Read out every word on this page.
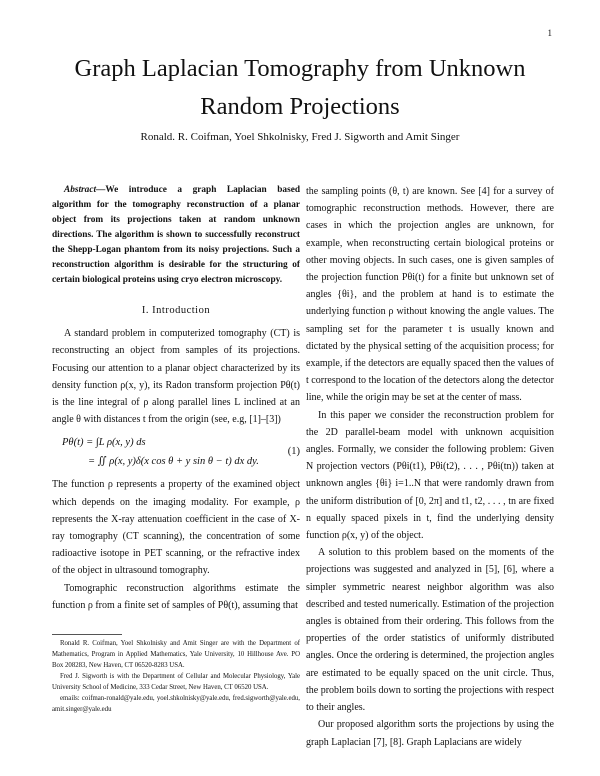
1
Graph Laplacian Tomography from Unknown
Random Projections
Ronald. R. Coifman, Yoel Shkolnisky, Fred J. Sigworth and Amit Singer

Abstract—We introduce a graph Laplacian based algorithm for the tomography reconstruction of a planar object from its projections taken at random unknown directions. The algorithm is shown to successfully reconstruct the Shepp-Logan phantom from its noisy projections. Such a reconstruction algorithm is desirable for the structuring of certain biological proteins using cryo electron microscopy.

I. Introduction

A standard problem in computerized tomography (CT) is reconstructing an object from samples of its projections. Focusing our attention to a planar object characterized by its density function ρ(x, y), its Radon transform projection Pθ(t) is the line integral of ρ along parallel lines L inclined at an angle θ with distances t from the origin (see, e.g, [1]–[3])

Pθ(t) = ∫L ρ(x, y) ds
= ∬ ρ(x, y)δ(x cos θ + y sin θ − t) dx dy.
(1)

The function ρ represents a property of the examined object which depends on the imaging modality. For example, ρ represents the X-ray attenuation coefficient in the case of X-ray tomography (CT scanning), the concentration of some radioactive isotope in PET scanning, or the refractive index of the object in ultrasound tomography.

Tomographic reconstruction algorithms estimate the function ρ from a finite set of samples of Pθ(t), assuming that

Ronald R. Coifman, Yoel Shkolnisky and Amit Singer are with the Department of Mathematics, Program in Applied Mathematics, Yale University, 10 Hillhouse Ave. PO Box 208283, New Haven, CT 06520-8283 USA.

Fred J. Sigworth is with the Department of Cellular and Molecular Physiology, Yale University School of Medicine, 333 Cedar Street, New Haven, CT 06520 USA.

emails: coifman-ronald@yale.edu, yoel.shkolnisky@yale.edu, fred.sigworth@yale.edu, amit.singer@yale.edu

the sampling points (θ, t) are known. See [4] for a survey of tomographic reconstruction methods. However, there are cases in which the projection angles are unknown, for example, when reconstructing certain biological proteins or other moving objects. In such cases, one is given samples of the projection function Pθi(t) for a finite but unknown set of angles {θi}, and the problem at hand is to estimate the underlying function ρ without knowing the angle values. The sampling set for the parameter t is usually known and dictated by the physical setting of the acquisition process; for example, if the detectors are equally spaced then the values of t correspond to the location of the detectors along the detector line, while the origin may be set at the center of mass.

In this paper we consider the reconstruction problem for the 2D parallel-beam model with unknown acquisition angles. Formally, we consider the following problem: Given N projection vectors (Pθi(t1), Pθi(t2), . . . , Pθi(tn)) taken at unknown angles {θi} i=1..N that were randomly drawn from the uniform distribution of [0, 2π] and t1, t2, . . . , tn are fixed n equally spaced pixels in t, find the underlying density function ρ(x, y) of the object.

A solution to this problem based on the moments of the projections was suggested and analyzed in [5], [6], where a simpler symmetric nearest neighbor algorithm was also described and tested numerically. Estimation of the projection angles is obtained from their ordering. This follows from the properties of the order statistics of uniformly distributed angles. Once the ordering is determined, the projection angles are estimated to be equally spaced on the unit circle. Thus, the problem boils down to sorting the projections with respect to their angles.

Our proposed algorithm sorts the projections by using the graph Laplacian [7], [8]. Graph Laplacians are widely
